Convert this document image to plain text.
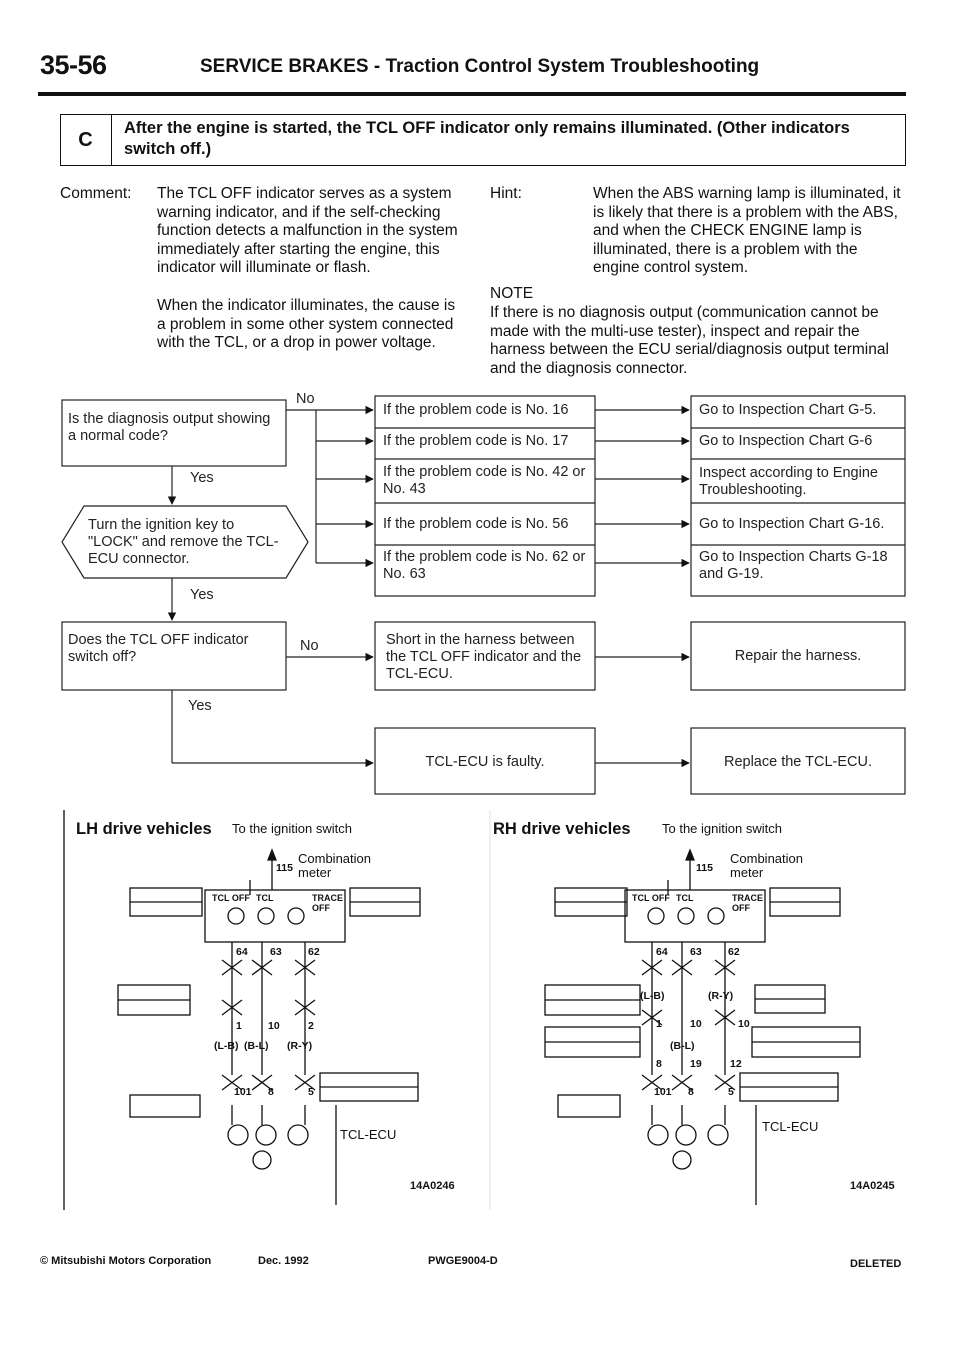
35-56	SERVICE BRAKES - Traction Control System Troubleshooting
C
After the engine is started, the TCL OFF indicator only remains illuminated. (Other indicators switch off.)
Comment: The TCL OFF indicator serves as a system warning indicator, and if the self-checking function detects a malfunction in the system immediately after starting the engine, this indicator will illuminate or flash.
When the indicator illuminates, the cause is a problem in some other system connected with the TCL, or a drop in power voltage.
Hint:	When the ABS warning lamp is illuminated, it is likely that there is a problem with the ABS, and when the CHECK ENGINE lamp is illuminated, there is a problem with the engine control system.
NOTE
If there is no diagnosis output (communication cannot be made with the multi-use tester), inspect and repair the harness between the ECU serial/diagnosis output terminal and the diagnosis connector.
Is the diagnosis output showing a normal code?
No
Yes
If the problem code is No. 16
If the problem code is No. 17
If the problem code is No. 42 or No. 43
If the problem code is No. 56
If the problem code is No. 62 or No. 63
Go to Inspection Chart G-5.
Go to Inspection Chart G-6
Inspect according to Engine Troubleshooting.
Go to Inspection Chart G-16.
Go to Inspection Charts G-18 and G-19.
Turn the ignition key to "LOCK" and remove the TCL-ECU connector.
Yes
Does the TCL OFF indicator switch off?
No	Short in the harness between the TCL OFF indicator and the TCL-ECU.
Repair the harness.
Yes
TCL-ECU is faulty.	Replace the TCL-ECU.
LH drive vehicles To the ignition switch
Combination meter
115
TCL OFF TCL	TRACE OFF
64 63	62
1 10	2
(L-B) (B-L) (R-Y)
101 8	5
TCL-ECU
14A0246
RH drive vehicles To the ignition switch
Combination meter
115
TCL OFF TCL	TRACE OFF
64 63	62
1	10	10
8	19	12
(L-B)
(B-L)
(R-Y)
101 8	5
TCL-ECU
14A0245
© Mitsubishi Motors Corporation	Dec. 1992	PWGE9004-D	DELETED
